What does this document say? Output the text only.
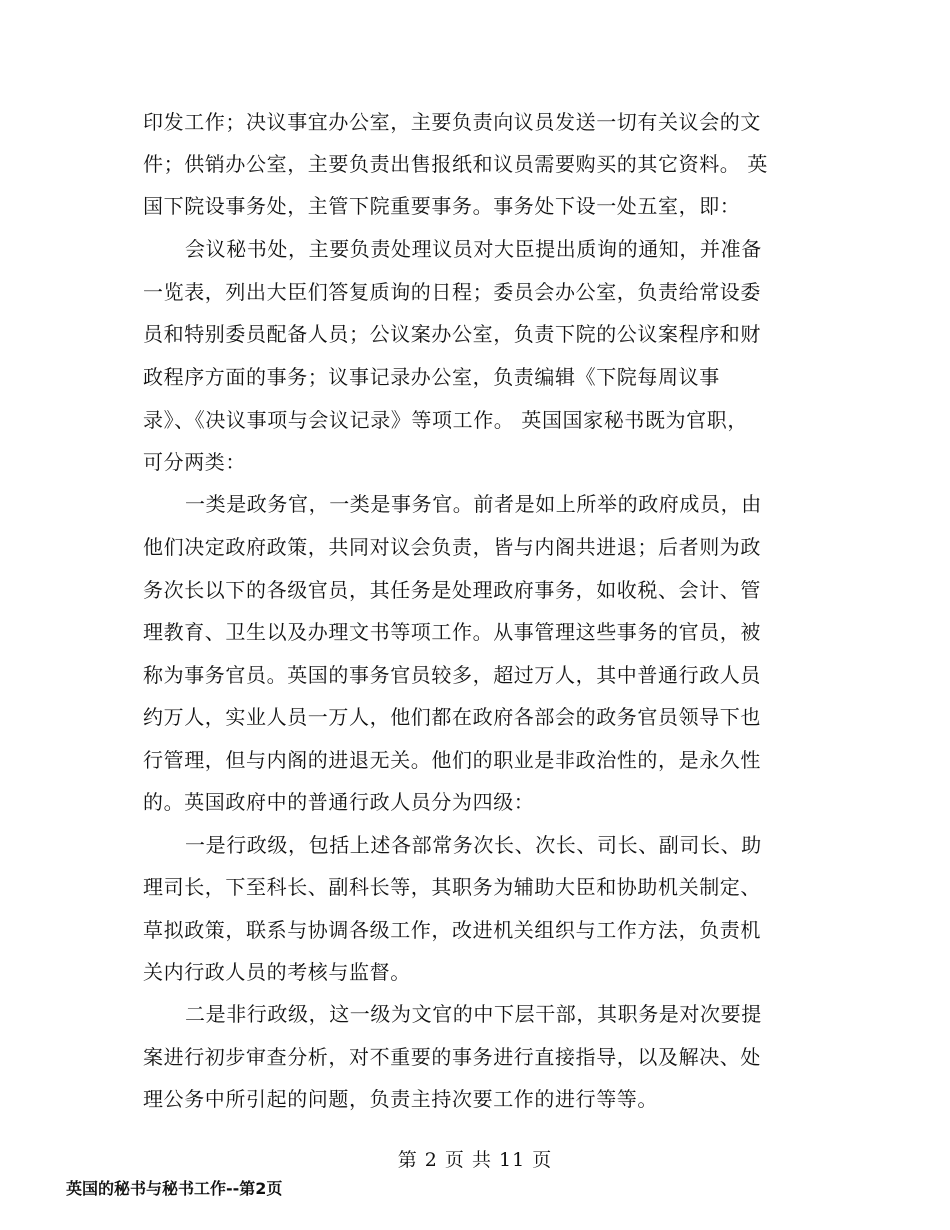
印发工作；决议事宜办公室，主要负责向议员发送一切有关议会的文
件；供销办公室，主要负责出售报纸和议员需要购买的其它资料。 英
国下院设事务处，主管下院重要事务。事务处下设一处五室，即：
会议秘书处，主要负责处理议员对大臣提出质询的通知，并准备
一览表，列出大臣们答复质询的日程；委员会办公室，负责给常设委
员和特别委员配备人员；公议案办公室，负责下院的公议案程序和财
政程序方面的事务；议事记录办公室，负责编辑《下院每周议事
录》、《决议事项与会议记录》等项工作。 英国国家秘书既为官职，
可分两类：
一类是政务官，一类是事务官。前者是如上所举的政府成员，由
他们决定政府政策，共同对议会负责，皆与内阁共进退；后者则为政
务次长以下的各级官员，其任务是处理政府事务，如收税、会计、管
理教育、卫生以及办理文书等项工作。从事管理这些事务的官员，被
称为事务官员。英国的事务官员较多，超过万人，其中普通行政人员
约万人，实业人员一万人，他们都在政府各部会的政务官员领导下也
行管理，但与内阁的进退无关。他们的职业是非政治性的，是永久性
的。英国政府中的普通行政人员分为四级：
一是行政级，包括上述各部常务次长、次长、司长、副司长、助
理司长，下至科长、副科长等，其职务为辅助大臣和协助机关制定、
草拟政策，联系与协调各级工作，改进机关组织与工作方法，负责机
关内行政人员的考核与监督。
二是非行政级，这一级为文官的中下层干部，其职务是对次要提
案进行初步审查分析，对不重要的事务进行直接指导，以及解决、处
理公务中所引起的问题，负责主持次要工作的进行等等。
第 2 页 共 11 页
英国的秘书与秘书工作--第2页
